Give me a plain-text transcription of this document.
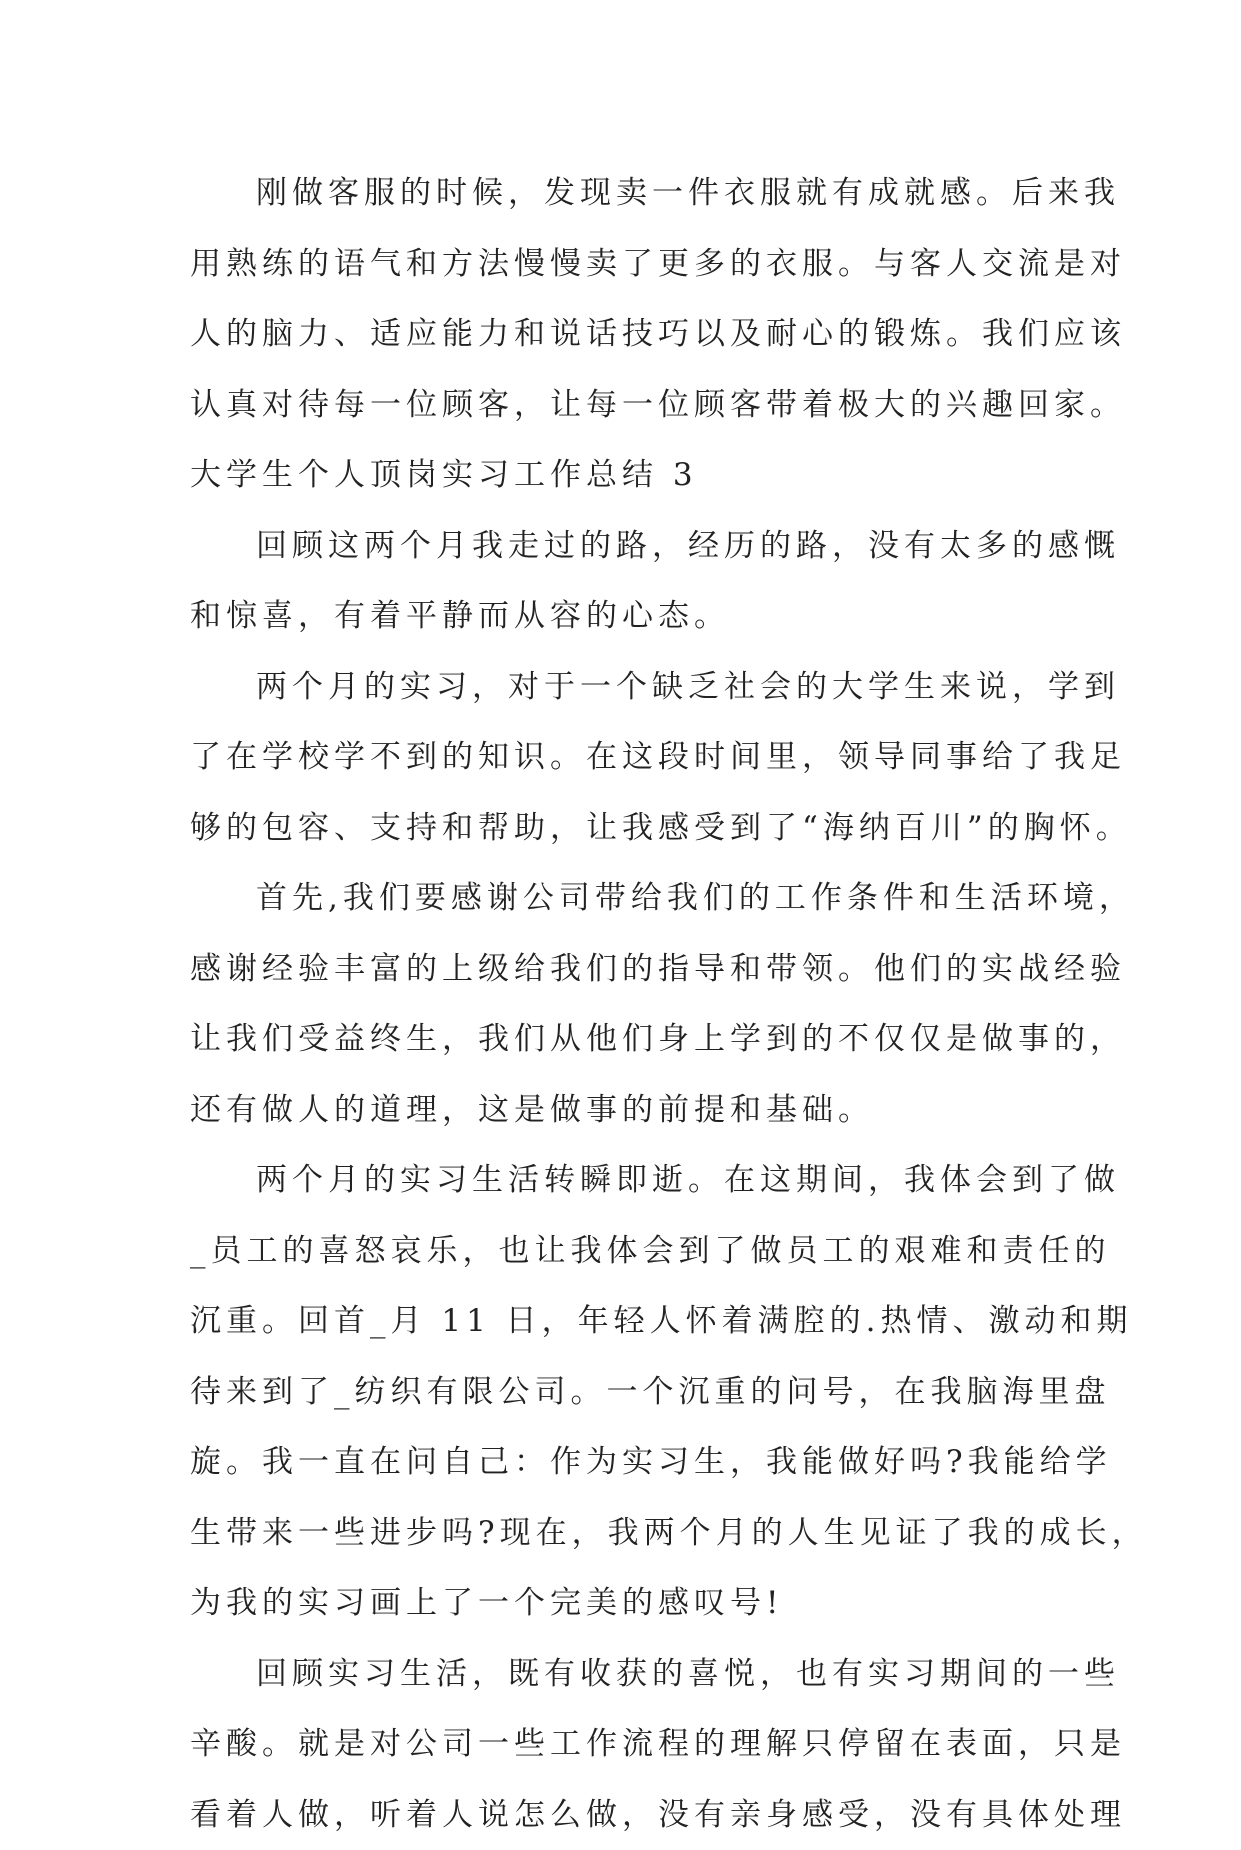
刚做客服的时候，发现卖一件衣服就有成就感。后来我
用熟练的语气和方法慢慢卖了更多的衣服。与客人交流是对
人的脑力、适应能力和说话技巧以及耐心的锻炼。我们应该
认真对待每一位顾客，让每一位顾客带着极大的兴趣回家。
大学生个人顶岗实习工作总结 3
回顾这两个月我走过的路，经历的路，没有太多的感慨
和惊喜，有着平静而从容的心态。
两个月的实习，对于一个缺乏社会的大学生来说，学到
了在学校学不到的知识。在这段时间里，领导同事给了我足
够的包容、支持和帮助，让我感受到了“海纳百川”的胸怀。
首先,我们要感谢公司带给我们的工作条件和生活环境，
感谢经验丰富的上级给我们的指导和带领。他们的实战经验
让我们受益终生，我们从他们身上学到的不仅仅是做事的，
还有做人的道理，这是做事的前提和基础。
两个月的实习生活转瞬即逝。在这期间，我体会到了做
_员工的喜怒哀乐，也让我体会到了做员工的艰难和责任的
沉重。回首_月 11 日，年轻人怀着满腔的.热情、激动和期
待来到了_纺织有限公司。一个沉重的问号，在我脑海里盘
旋。我一直在问自己：作为实习生，我能做好吗?我能给学
生带来一些进步吗?现在，我两个月的人生见证了我的成长，
为我的实习画上了一个完美的感叹号!
回顾实习生活，既有收获的喜悦，也有实习期间的一些
辛酸。就是对公司一些工作流程的理解只停留在表面，只是
看着人做，听着人说怎么做，没有亲身感受，没有具体处理
